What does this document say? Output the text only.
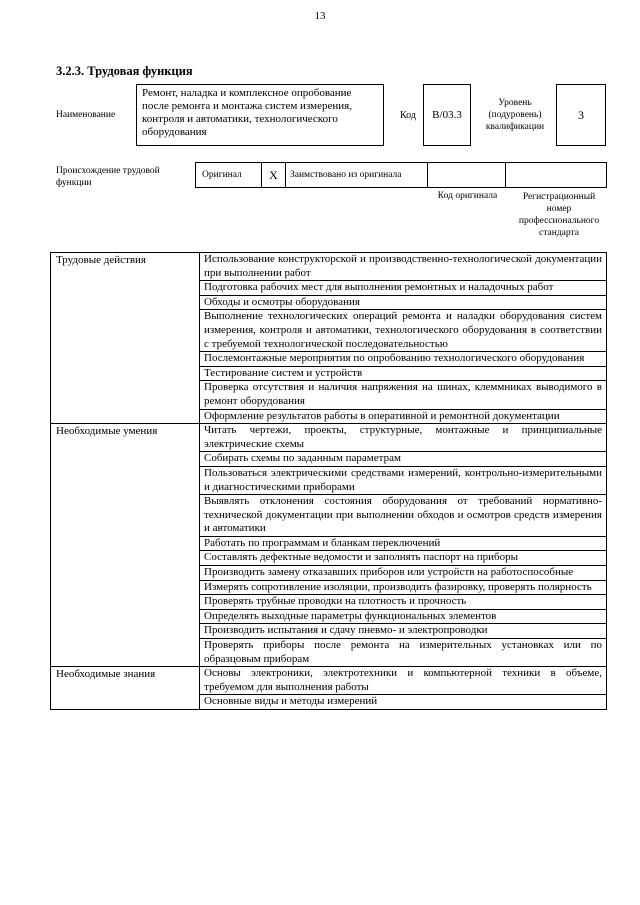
13
3.2.3. Трудовая функция
Наименование
Ремонт, наладка и комплексное опробование после ремонта и монтажа систем измерения, контроля и автоматики, технологического оборудования
Код	В/03.3
Уровень (подуровень) квалификации
3
Происхождение трудовой функции
Оригинал	X	Заимствовано из оригинала
Код оригинала	Регистрационный номер профессионального стандарта
Трудовые действия	Использование конструкторской и производственно-технологической документации при выполнении работ
	Подготовка рабочих мест для выполнения ремонтных и наладочных работ
	Обходы и осмотры оборудования
	Выполнение технологических операций ремонта и наладки оборудования систем измерения, контроля и автоматики, технологического оборудования в соответствии с требуемой технологической последовательностью
	Послемонтажные мероприятия по опробованию технологического оборудования
	Тестирование систем и устройств
	Проверка отсутствия и наличия напряжения на шинах, клеммниках выводимого в ремонт оборудования
	Оформление результатов работы в оперативной и ремонтной документации
Необходимые умения	Читать чертежи, проекты, структурные, монтажные и принципиальные электрические схемы
	Собирать схемы по заданным параметрам
	Пользоваться электрическими средствами измерений, контрольно-измерительными и диагностическими приборами
	Выявлять отклонения состояния оборудования от требований нормативно-технической документации при выполнении обходов и осмотров средств измерения и автоматики
	Работать по программам и бланкам переключений
	Составлять дефектные ведомости и заполнять паспорт на приборы
	Производить замену отказавших приборов или устройств на работоспособные
	Измерять сопротивление изоляции, производить фазировку, проверять полярность
	Проверять трубные проводки на плотность и прочность
	Определять выходные параметры функциональных элементов
	Производить испытания и сдачу пневмо- и электропроводки
	Проверять приборы после ремонта на измерительных установках или по образцовым приборам
Необходимые знания	Основы электроники, электротехники и компьютерной техники в объеме, требуемом для выполнения работы
	Основные виды и методы измерений
